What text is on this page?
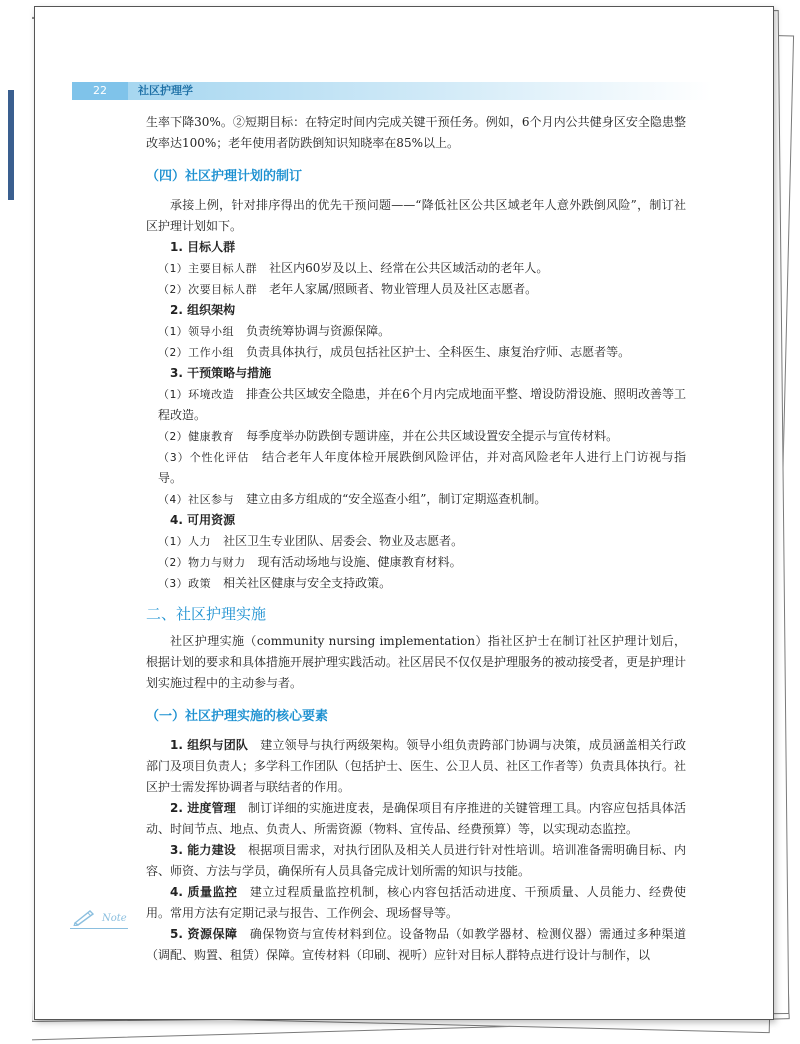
22	社区护理学

生率下降30%。②短期目标：在特定时间内完成关键干预任务。例如，6个月内公共健身区安全隐患整改率达100%；老年使用者防跌倒知识知晓率在85%以上。

（四）社区护理计划的制订

承接上例，针对排序得出的优先干预问题——“降低社区公共区域老年人意外跌倒风险”，制订社区护理计划如下。

1. 目标人群

（1）主要目标人群 社区内60岁及以上、经常在公共区域活动的老年人。

（2）次要目标人群 老年人家属/照顾者、物业管理人员及社区志愿者。

2. 组织架构

（1）领导小组 负责统筹协调与资源保障。

（2）工作小组 负责具体执行，成员包括社区护士、全科医生、康复治疗师、志愿者等。

3. 干预策略与措施

（1）环境改造 排查公共区域安全隐患，并在6个月内完成地面平整、增设防滑设施、照明改善等工程改造。

（2）健康教育 每季度举办防跌倒专题讲座，并在公共区域设置安全提示与宣传材料。

（3）个性化评估 结合老年人年度体检开展跌倒风险评估，并对高风险老年人进行上门访视与指导。

（4）社区参与 建立由多方组成的“安全巡查小组”，制订定期巡查机制。

4. 可用资源

（1）人力 社区卫生专业团队、居委会、物业及志愿者。

（2）物力与财力 现有活动场地与设施、健康教育材料。

（3）政策 相关社区健康与安全支持政策。

二、社区护理实施

社区护理实施（community nursing implementation）指社区护士在制订社区护理计划后，根据计划的要求和具体措施开展护理实践活动。社区居民不仅仅是护理服务的被动接受者，更是护理计划实施过程中的主动参与者。

（一）社区护理实施的核心要素

1. 组织与团队 建立领导与执行两级架构。领导小组负责跨部门协调与决策，成员涵盖相关行政部门及项目负责人；多学科工作团队（包括护士、医生、公卫人员、社区工作者等）负责具体执行。社区护士需发挥协调者与联结者的作用。

2. 进度管理 制订详细的实施进度表，是确保项目有序推进的关键管理工具。内容应包括具体活动、时间节点、地点、负责人、所需资源（物料、宣传品、经费预算）等，以实现动态监控。

3. 能力建设 根据项目需求，对执行团队及相关人员进行针对性培训。培训准备需明确目标、内容、师资、方法与学员，确保所有人员具备完成计划所需的知识与技能。

4. 质量监控 建立过程质量监控机制，核心内容包括活动进度、干预质量、人员能力、经费使用。常用方法有定期记录与报告、工作例会、现场督导等。

5. 资源保障 确保物资与宣传材料到位。设备物品（如教学器材、检测仪器）需通过多种渠道（调配、购置、租赁）保障。宣传材料（印刷、视听）应针对目标人群特点进行设计与制作，以

Note
